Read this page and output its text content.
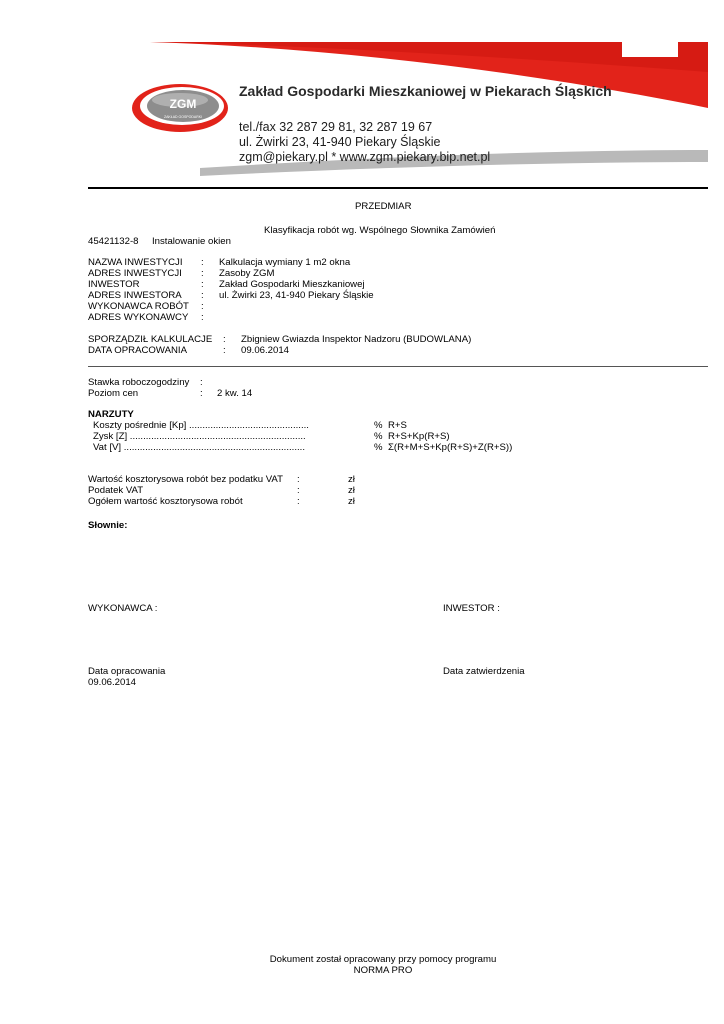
ZGM
ZAKŁAD GOSPODARKI
Zakład Gospodarki Mieszkaniowej w Piekarach Śląskich
tel./fax 32 287 29 81, 32 287 19 67
ul. Żwirki 23, 41-940 Piekary Śląskie
zgm@piekary.pl * www.zgm.piekary.bip.net.pl
PRZEDMIAR
Klasyfikacja robót wg. Wspólnego Słownika Zamówień
45421132-8 Instalowanie okien
NAZWA INWESTYCJI : Kalkulacja wymiany 1 m2 okna
ADRES INWESTYCJI : Zasoby ZGM
INWESTOR	: Zakład Gospodarki Mieszkaniowej
ADRES INWESTORA : ul. Żwirki 23, 41-940 Piekary Śląskie
WYKONAWCA ROBÓT :
ADRES WYKONAWCY :
SPORZĄDZIŁ KALKULACJE : Zbigniew Gwiazda Inspektor Nadzoru (BUDOWLANA)
DATA OPRACOWANIA	: 09.06.2014
Stawka roboczogodziny :
Poziom cen	: 2 kw. 14
NARZUTY
Koszty pośrednie [Kp] .............................................	% R+S
Zysk [Z] ..................................................................	% R+S+Kp(R+S)
Vat [V] ....................................................................	% Σ(R+M+S+Kp(R+S)+Z(R+S))
Wartość kosztorysowa robót bez podatku VAT :	zł
Podatek VAT	:	zł
Ogółem wartość kosztorysowa robót	:	zł
Słownie:
WYKONAWCA :	INWESTOR :
Data opracowania
09.06.2014
Data zatwierdzenia
Dokument został opracowany przy pomocy programu
NORMA PRO
